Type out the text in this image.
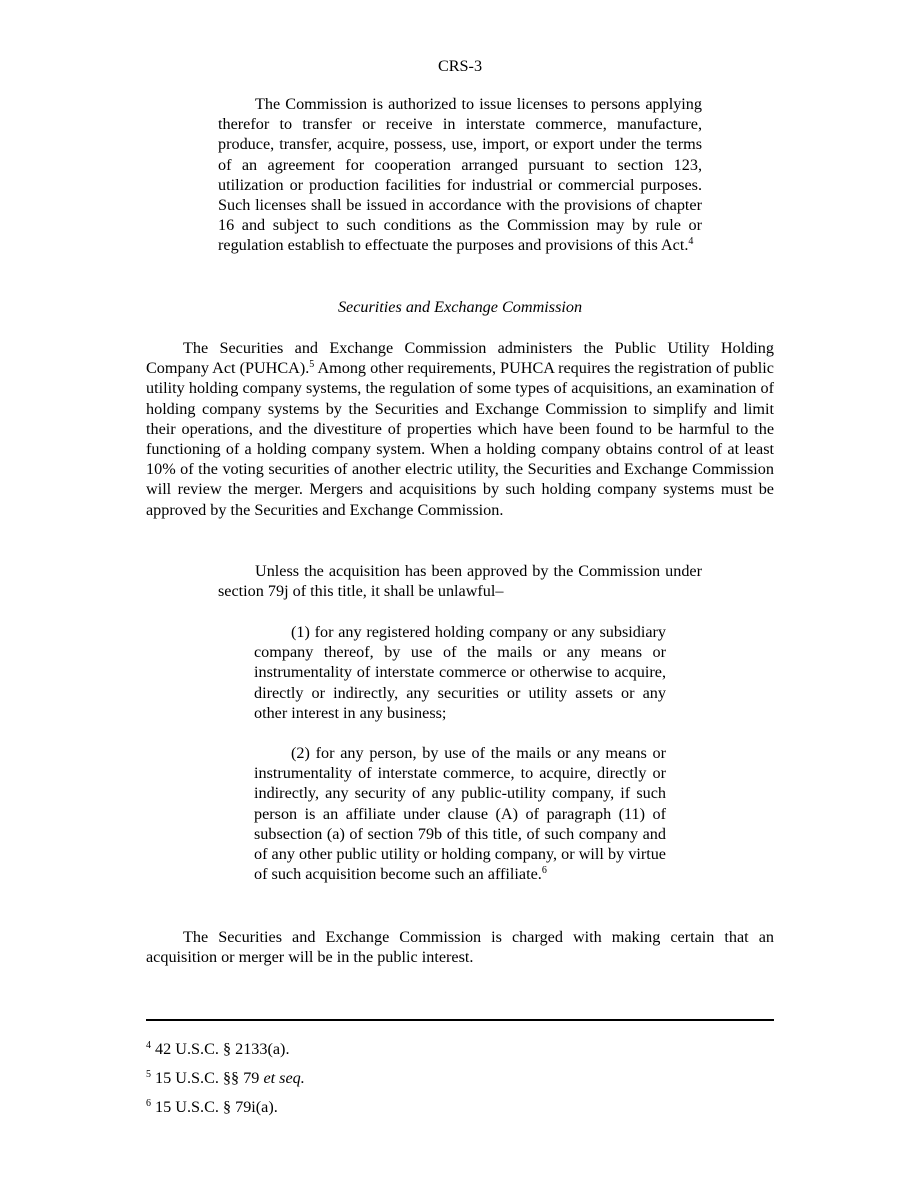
CRS-3

The Commission is authorized to issue licenses to persons applying therefor to transfer or receive in interstate commerce, manufacture, produce, transfer, acquire, possess, use, import, or export under the terms of an agreement for cooperation arranged pursuant to section 123, utilization or production facilities for industrial or commercial purposes. Such licenses shall be issued in accordance with the provisions of chapter 16 and subject to such conditions as the Commission may by rule or regulation establish to effectuate the purposes and provisions of this Act.$^4$

Securities and Exchange Commission

The Securities and Exchange Commission administers the Public Utility Holding Company Act (PUHCA).$^5$ Among other requirements, PUHCA requires the registration of public utility holding company systems, the regulation of some types of acquisitions, an examination of holding company systems by the Securities and Exchange Commission to simplify and limit their operations, and the divestiture of properties which have been found to be harmful to the functioning of a holding company system. When a holding company obtains control of at least 10% of the voting securities of another electric utility, the Securities and Exchange Commission will review the merger. Mergers and acquisitions by such holding company systems must be approved by the Securities and Exchange Commission.

Unless the acquisition has been approved by the Commission under section 79j of this title, it shall be unlawful–

(1) for any registered holding company or any subsidiary company thereof, by use of the mails or any means or instrumentality of interstate commerce or otherwise to acquire, directly or indirectly, any securities or utility assets or any other interest in any business;

(2) for any person, by use of the mails or any means or instrumentality of interstate commerce, to acquire, directly or indirectly, any security of any public-utility company, if such person is an affiliate under clause (A) of paragraph (11) of subsection (a) of section 79b of this title, of such company and of any other public utility or holding company, or will by virtue of such acquisition become such an affiliate.$^6$

The Securities and Exchange Commission is charged with making certain that an acquisition or merger will be in the public interest.

$^4$ 42 U.S.C. § 2133(a).
$^5$ 15 U.S.C. §§ 79 et seq.
$^6$ 15 U.S.C. § 79i(a).
